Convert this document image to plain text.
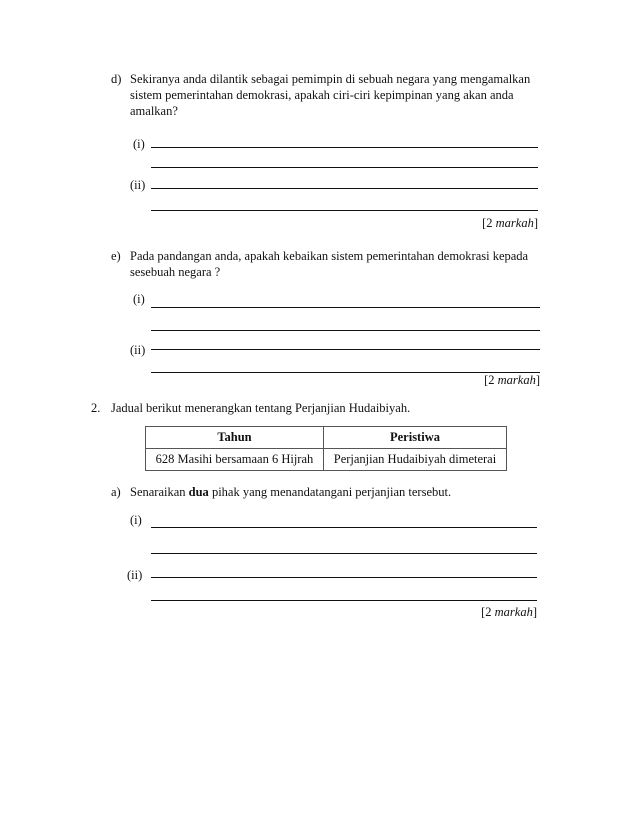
d) Sekiranya anda dilantik sebagai pemimpin di sebuah negara yang mengamalkan
sistem pemerintahan demokrasi, apakah ciri-ciri kepimpinan yang akan anda
amalkan?
(i)
(ii)
[2 markah]
e) Pada pandangan anda, apakah kebaikan sistem pemerintahan demokrasi kepada
sesebuah negara ?
(i)
(ii)
[2 markah]
2. Jadual berikut menerangkan tentang Perjanjian Hudaibiyah.
Tahun	Peristiwa
628 Masihi bersamaan 6 Hijrah	Perjanjian Hudaibiyah dimeterai
a) Senaraikan dua pihak yang menandatangani perjanjian tersebut.
(i)
(ii)
[2 markah]
